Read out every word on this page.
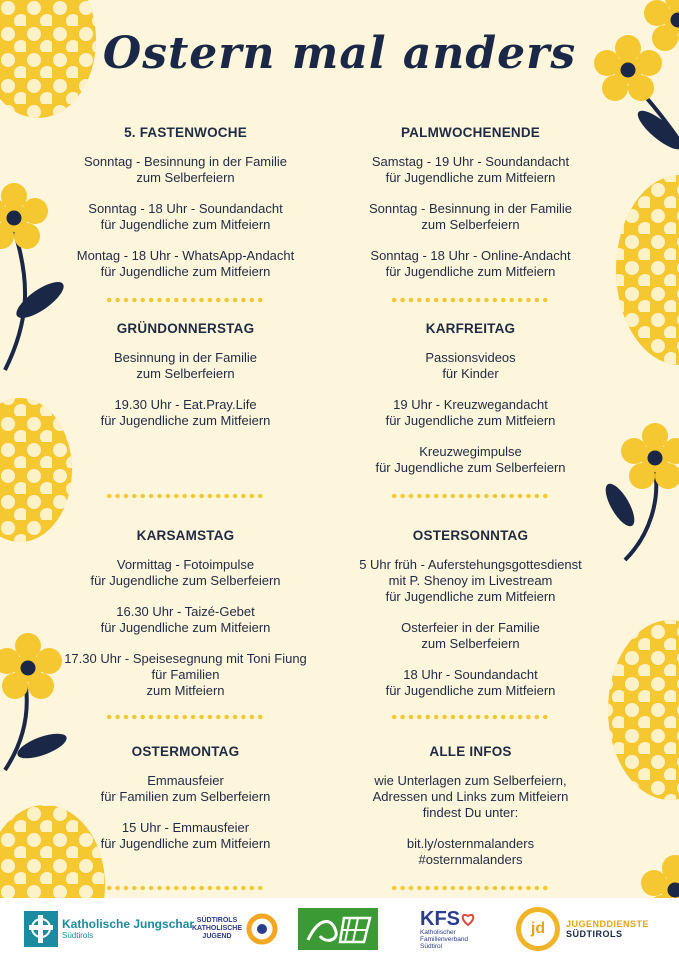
Ostern mal anders
5. FASTENWOCHE
Sonntag - Besinnung in der Familie
zum Selberfeiern
Sonntag - 18 Uhr - Soundandacht
für Jugendliche zum Mitfeiern
Montag - 18 Uhr - WhatsApp-Andacht
für Jugendliche zum Mitfeiern
PALMWOCHENENDE
Samstag - 19 Uhr - Soundandacht
für Jugendliche zum Mitfeiern
Sonntag - Besinnung in der Familie
zum Selberfeiern
Sonntag - 18 Uhr - Online-Andacht
für Jugendliche zum Mitfeiern
GRÜNDONNERSTAG
Besinnung in der Familie
zum Selberfeiern
19.30 Uhr - Eat.Pray.Life
für Jugendliche zum Mitfeiern
KARFREITAG
Passionsvideos
für Kinder
19 Uhr - Kreuzwegandacht
für Jugendliche zum Mitfeiern
Kreuzwegimpulse
für Jugendliche zum Selberfeiern
KARSAMSTAG
Vormittag - Fotoimpulse
für Jugendliche zum Selberfeiern
16.30 Uhr - Taizé-Gebet
für Jugendliche zum Mitfeiern
17.30 Uhr - Speisesegnung mit Toni Fiung
für Familien
zum Mitfeiern
OSTERSONNTAG
5 Uhr früh - Auferstehungsgottesdienst
mit P. Shenoy im Livestream
für Jugendliche zum Mitfeiern
Osterfeier in der Familie
zum Selberfeiern
18 Uhr - Soundandacht
für Jugendliche zum Mitfeiern
OSTERMONTAG
Emmausfeier
für Familien zum Selberfeiern
15 Uhr - Emmausfeier
für Jugendliche zum Mitfeiern
ALLE INFOS
wie Unterlagen zum Selberfeiern,
Adressen und Links zum Mitfeiern
findest Du unter:
bit.ly/osternmalanders
#osternmalanders
Katholische Jungschar
Südtirols
SÜDTIROLS
KATHOLISCHE
JUGEND
KFS
Katholischer
Familienverband
Südtirol
jd	JUGENDDIENSTE
SÜDTIROLS
